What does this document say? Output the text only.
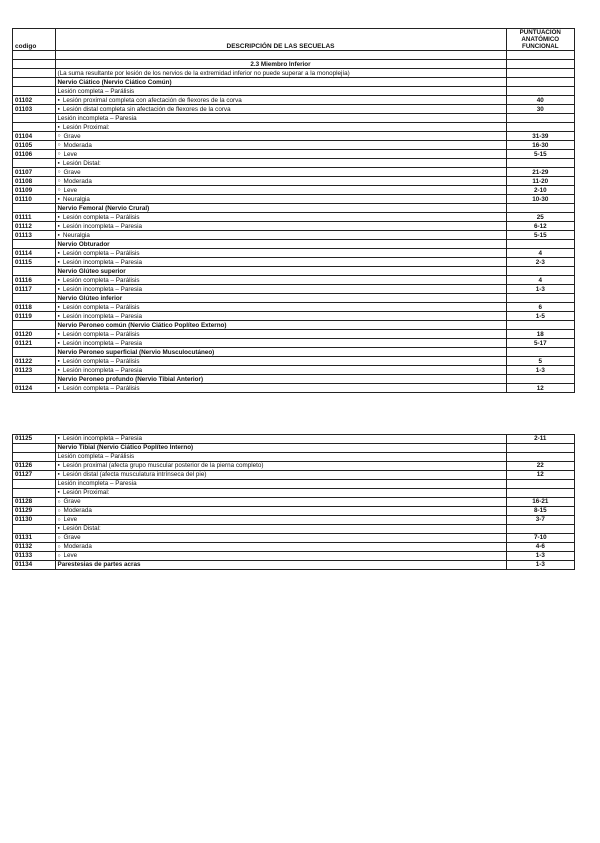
codigo	DESCRIPCIÓN DE LAS SECUELAS	PUNTUACIÓN
ANATÓMICO
FUNCIONAL

	2.3 Miembro Inferior	
	(La suma resultante por lesión de los nervios de la extremidad inferior no puede superar a la monoplejía)	
	Nervio Ciático (Nervio Ciático Común)	
	Lesión completa – Parálisis	
01102	● Lesión proximal completa con afectación de flexores de la corva	40
01103	● Lesión distal completa sin afectación de flexores de la corva	30
	Lesión incompleta – Paresia	
	● Lesión Proximal:	
01104	○ Grave	31-39
01105	○ Moderada	16-30
01106	○ Leve	5-15
	● Lesión Distal:	
01107	○ Grave	21-29
01108	○ Moderada	11-20
01109	○ Leve	2-10
01110	● Neuralgia	10-30
	Nervio Femoral (Nervio Crural)	
01111	● Lesión completa – Parálisis	25
01112	● Lesión incompleta – Paresia	6-12
01113	● Neuralgia	5-15
	Nervio Obturador	
01114	● Lesión completa – Parálisis	4
01115	● Lesión incompleta – Paresia	2-3
	Nervio Glúteo superior	
01116	● Lesión completa – Parálisis	4
01117	● Lesión incompleta – Paresia	1-3
	Nervio Glúteo inferior	
01118	● Lesión completa – Parálisis	6
01119	● Lesión incompleta – Paresia	1-5
	Nervio Peroneo común (Nervio Ciático Poplíteo Externo)	
01120	● Lesión completa – Parálisis	18
01121	● Lesión incompleta – Paresia	5-17
	Nervio Peroneo superficial (Nervio Musculocutáneo)	
01122	● Lesión completa – Parálisis	5
01123	● Lesión incompleta – Paresia	1-3
	Nervio Peroneo profundo (Nervio Tibial Anterior)	
01124	● Lesión completa – Parálisis	12
01125	● Lesión incompleta – Paresia	2-11
	Nervio Tibial (Nervio Ciático Poplíteo Interno)	
	Lesión completa – Parálisis	
01126	● Lesión proximal (afecta grupo muscular posterior de la pierna completo)	22
01127	● Lesión distal (afecta musculatura intrínseca del pie)	12
	Lesión incompleta – Paresia	
	● Lesión Proximal:	
01128	○ Grave	16-21
01129	○ Moderada	8-15
01130	○ Leve	3-7
	● Lesión Distal:	
01131	○ Grave	7-10
01132	○ Moderada	4-6
01133	○ Leve	1-3
01134	Parestesias de partes acras	1-3
